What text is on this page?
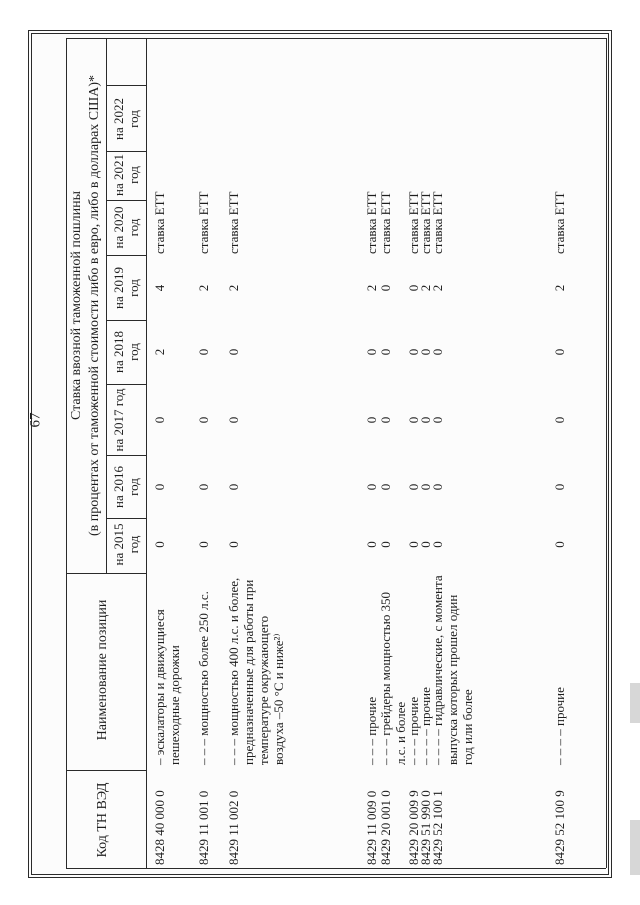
67
Код ТН ВЭД
Наименование позиции
Ставка ввозной таможенной пошлины (в процентах от таможенной стоимости либо в евро, либо в долларах США)*
на 2015 год
на 2016 год
на 2017 год
на 2018 год
на 2019 год
на 2020 год
на 2021 год
на 2022 год
8428 40 000 0
– эскалаторы и движущиеся пешеходные дорожки
0
0
0
2
4
ставка ЕТТ
8429 11 001 0
– – – мощностью более 250 л.с.
0
0
0
0
2
ставка ЕТТ
8429 11 002 0
– – – мощностью 400 л.с. и более, предназначенные для работы при температуре окружающего воздуха –50 °С и ниже²⁾
0
0
0
0
2
ставка ЕТТ
8429 11 009 0
– – – прочие
0
0
0
0
2
ставка ЕТТ
8429 20 001 0
– – – грейдеры мощностью 350 л.с. и более
0
0
0
0
0
ставка ЕТТ
8429 20 009 9
– – – прочие
0
0
0
0
0
ставка ЕТТ
8429 51 990 0
– – – – прочие
0
0
0
0
2
ставка ЕТТ
8429 52 100 1
– – – – гидравлические, с момента выпуска которых прошел один год или более
0
0
0
0
2
ставка ЕТТ
8429 52 100 9
– – – – прочие
0
0
0
0
2
ставка ЕТТ
